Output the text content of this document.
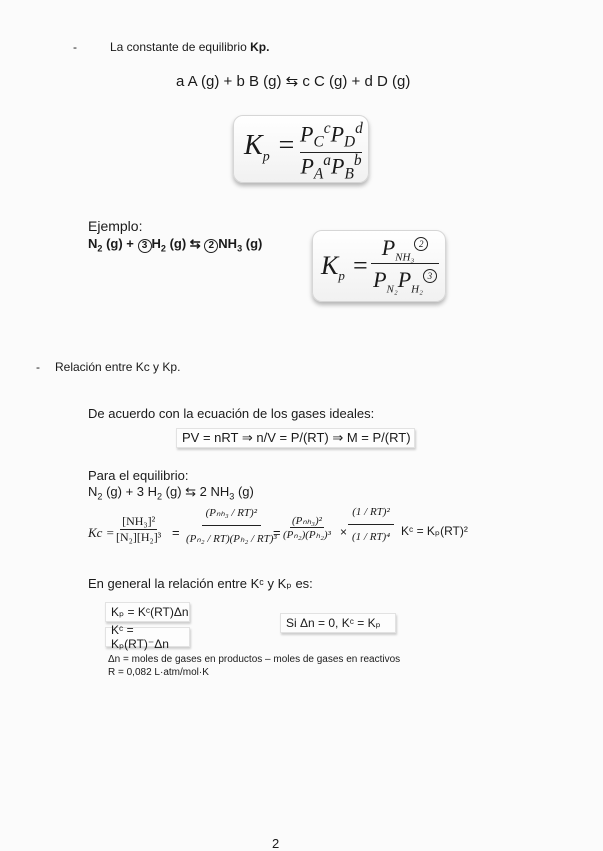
-	La constante de equilibrio Kp.
a A (g) + b B (g) ⇆ c C (g) + d D (g)
$K_p = P_C^cP_D^d$
$P_A^aP_B^b$
Ejemplo:
$N_2$ (g) + 3 $H_2$ (g) ⇆ 2 $NH_3$ (g)
$K_p$ =
$P_{NH_3}^2$
$P_{N_2}P_{H_2}^3$
- Relación entre Kc y Kp.
De acuerdo con la ecuación de los gases ideales:
PV = nRT ⇒ n/V = P/(RT) ⇒ M = P/(RT)
Para el equilibrio:
$N_2$ (g) + 3 $H_2$ (g) ⇆ 2 $NH_3$ (g)
$Kc = \frac{\text{[NH₃]²}}{\text{[N₂][H₂]³}}$ =
(Pₙₕ₃ / RT)²
(Pₙ₂ / RT)(Pₕ₂ / RT)³
=
(Pₙₕ₃)²
$(P_{n2})(P_{h2})^3 \times \frac{\text{(1 / RT)²}}{\text{(1 / RT)⁴}}$ Kᶜ = Kₚ(RT)²
En general la relación entre Kᶜ y Kₚ es:
Kₚ = Kᶜ(RT)Δn
Kᶜ = Kₚ(RT)⁻Δn
Si Δn = 0, Kᶜ = Kₚ
Δn = moles de gases en productos – moles de gases en reactivos
R = 0,082 L·atm/mol·K
2
